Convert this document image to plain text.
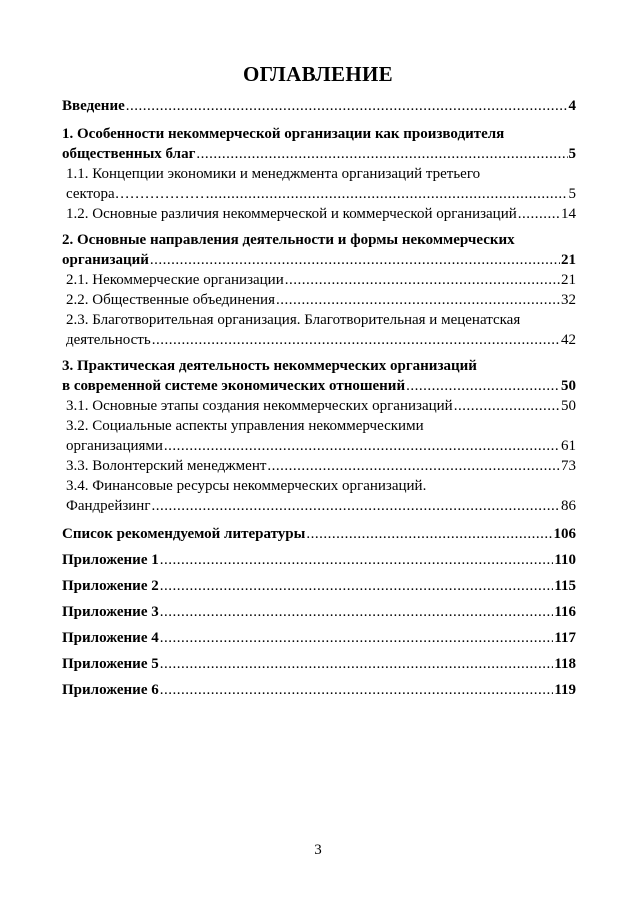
ОГЛАВЛЕНИЕ
Введение .....	4
1. Особенности некоммерческой организации как производителя
общественных благ .....	5
1.1. Концепции экономики и менеджмента организаций третьего
сектора……………… .....	5
1.2. Основные различия некоммерческой и коммерческой организаций .....	14
2. Основные направления деятельности и формы некоммерческих
организаций .....	21
2.1. Некоммерческие организации .....	21
2.2. Общественные объединения .....	32
2.3. Благотворительная организация. Благотворительная и меценатская
деятельность .....	42
3. Практическая деятельность некоммерческих организаций
в современной системе экономических отношений .....	50
3.1. Основные этапы создания некоммерческих организаций .....	50
3.2. Социальные аспекты управления некоммерческими
организациями .....	61
3.3. Волонтерский менеджмент .....	73
3.4. Финансовые ресурсы некоммерческих организаций.
Фандрейзинг .....	86
Список рекомендуемой литературы .....	106
Приложение 1 .....	110
Приложение 2 .....	115
Приложение 3 .....	116
Приложение 4 .....	117
Приложение 5 .....	118
Приложение 6 .....	119
3
